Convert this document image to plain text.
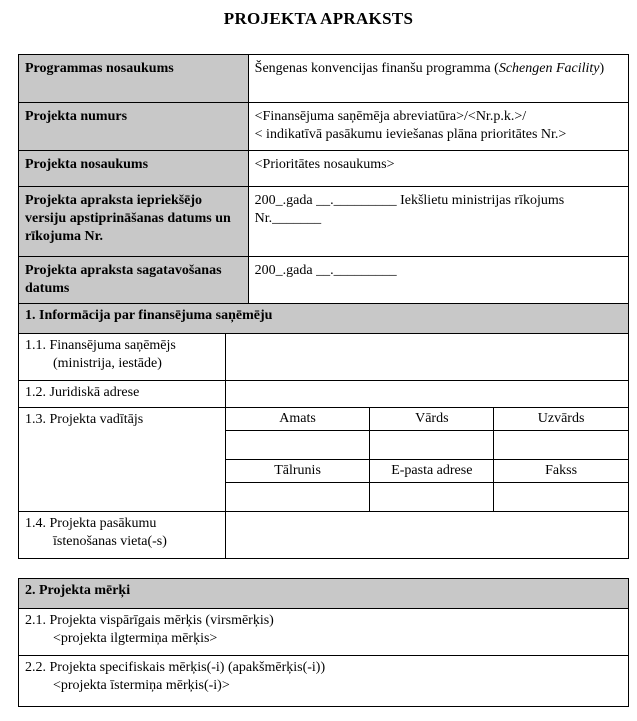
PROJEKTA APRAKSTS
Programmas nosaukums	Šengenas konvencijas finanšu programma (Schengen Facility)
Projekta numurs	<Finansējuma saņēmēja abreviatūra>/<Nr.p.k.>/
< indikatīvā pasākumu ieviešanas plāna prioritātes Nr.>

Projekta nosaukums	<Prioritātes nosaukums>
Projekta apraksta iepriekšējo versiju apstiprināšanas datums un rīkojuma Nr.	200_.gada __._________ Iekšlietu ministrijas rīkojums Nr._______
Projekta apraksta sagatavošanas datums	200_.gada __._________
1. Informācija par finansējuma saņēmēju			

1.1. Finansējuma saņēmējs
(ministrija, iestāde)			

1.2. Juridiskā adrese			
1.3. Projekta vadītājs	Amats	Vārds	Uzvārds

	Tālrunis	E-pasta adrese	Fakss

1.4. Projekta pasākumu
īstenošanas vieta(-s)			

2. Projekta mērķi

2.1. Projekta vispārīgais mērķis (virsmērķis)
<projekta ilgtermiņa mērķis>

2.2. Projekta specifiskais mērķis(-i) (apakšmērķis(-i))
<projekta īstermiņa mērķis(-i)>
